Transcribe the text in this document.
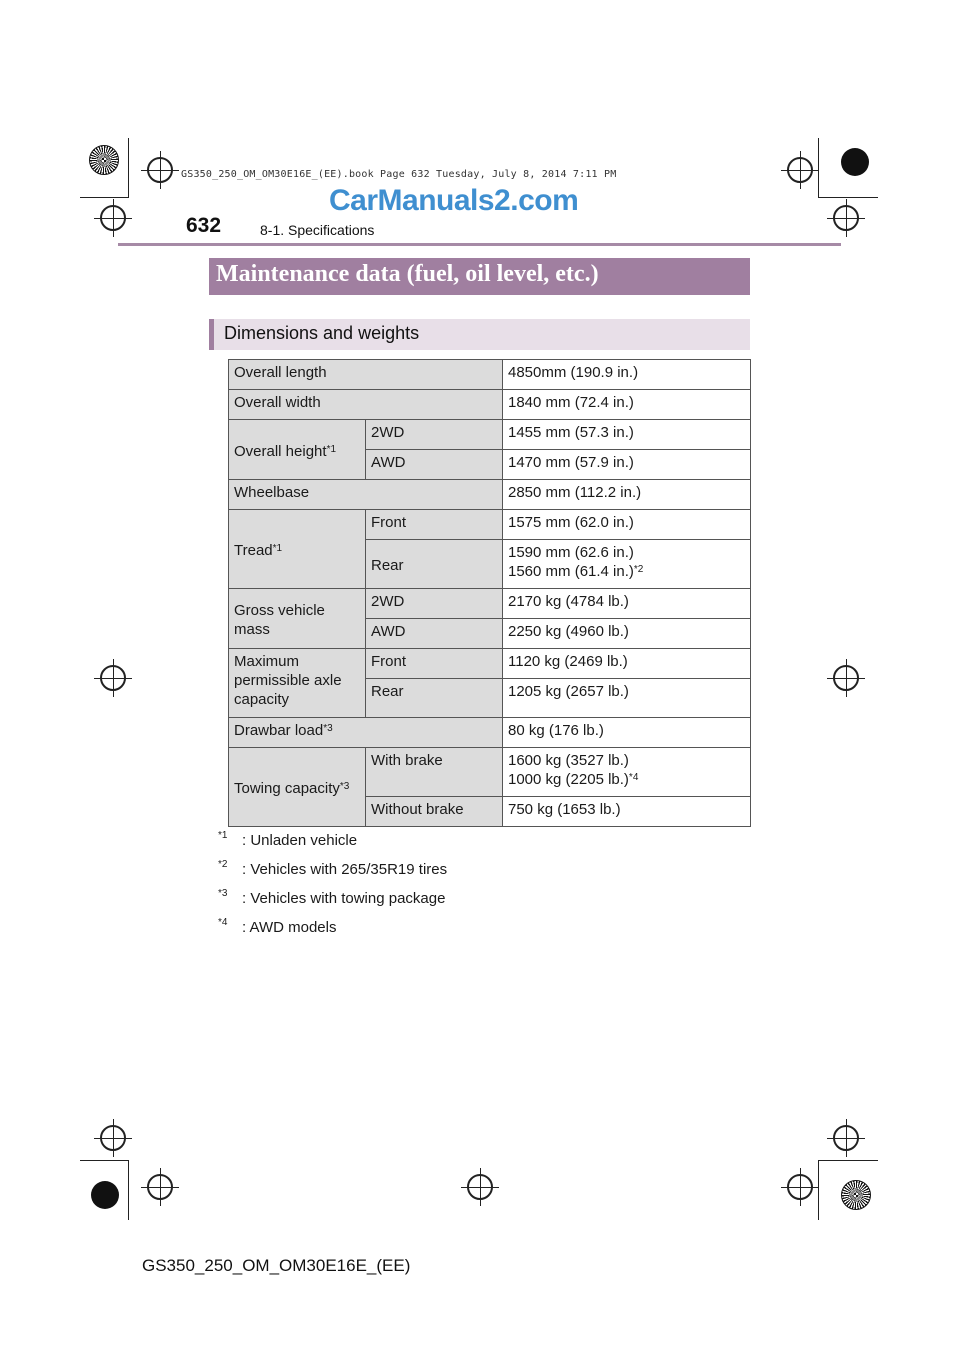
GS350_250_OM_OM30E16E_(EE).book Page 632 Tuesday, July 8, 2014 7:11 PM
CarManuals2.com
632	8-1. Specifications
Maintenance data (fuel, oil level, etc.)
Dimensions and weights
Overall length		4850mm (190.9 in.)
Overall width		1840 mm (72.4 in.)
Overall height$^{*1}$	2WD	1455 mm (57.3 in.)
	AWD	1470 mm (57.9 in.)
Wheelbase		2850 mm (112.2 in.)
Tread$^{*1}$	Front	1575 mm (62.0 in.)
	Rear	1590 mm (62.6 in.)
1560 mm (61.4 in.)$^{*2}$

Gross vehicle
mass	2WD	2170 kg (4784 lb.)
	AWD	2250 kg (4960 lb.)

Maximum
permissible axle
capacity	Front	1120 kg (2469 lb.)
	Rear	1205 kg (2657 lb.)
Drawbar load$^{*3}$		80 kg (176 lb.)
Towing capacity$^{*3}$	With brake	1600 kg (3527 lb.)
1000 kg (2205 lb.)$^{*4}$

	Without brake	750 kg (1653 lb.)
$^{*1}$ : Unladen vehicle
$^{*2}$ : Vehicles with 265/35R19 tires
$^{*3}$ : Vehicles with towing package
$^{*4}$ : AWD models
GS350_250_OM_OM30E16E_(EE)
